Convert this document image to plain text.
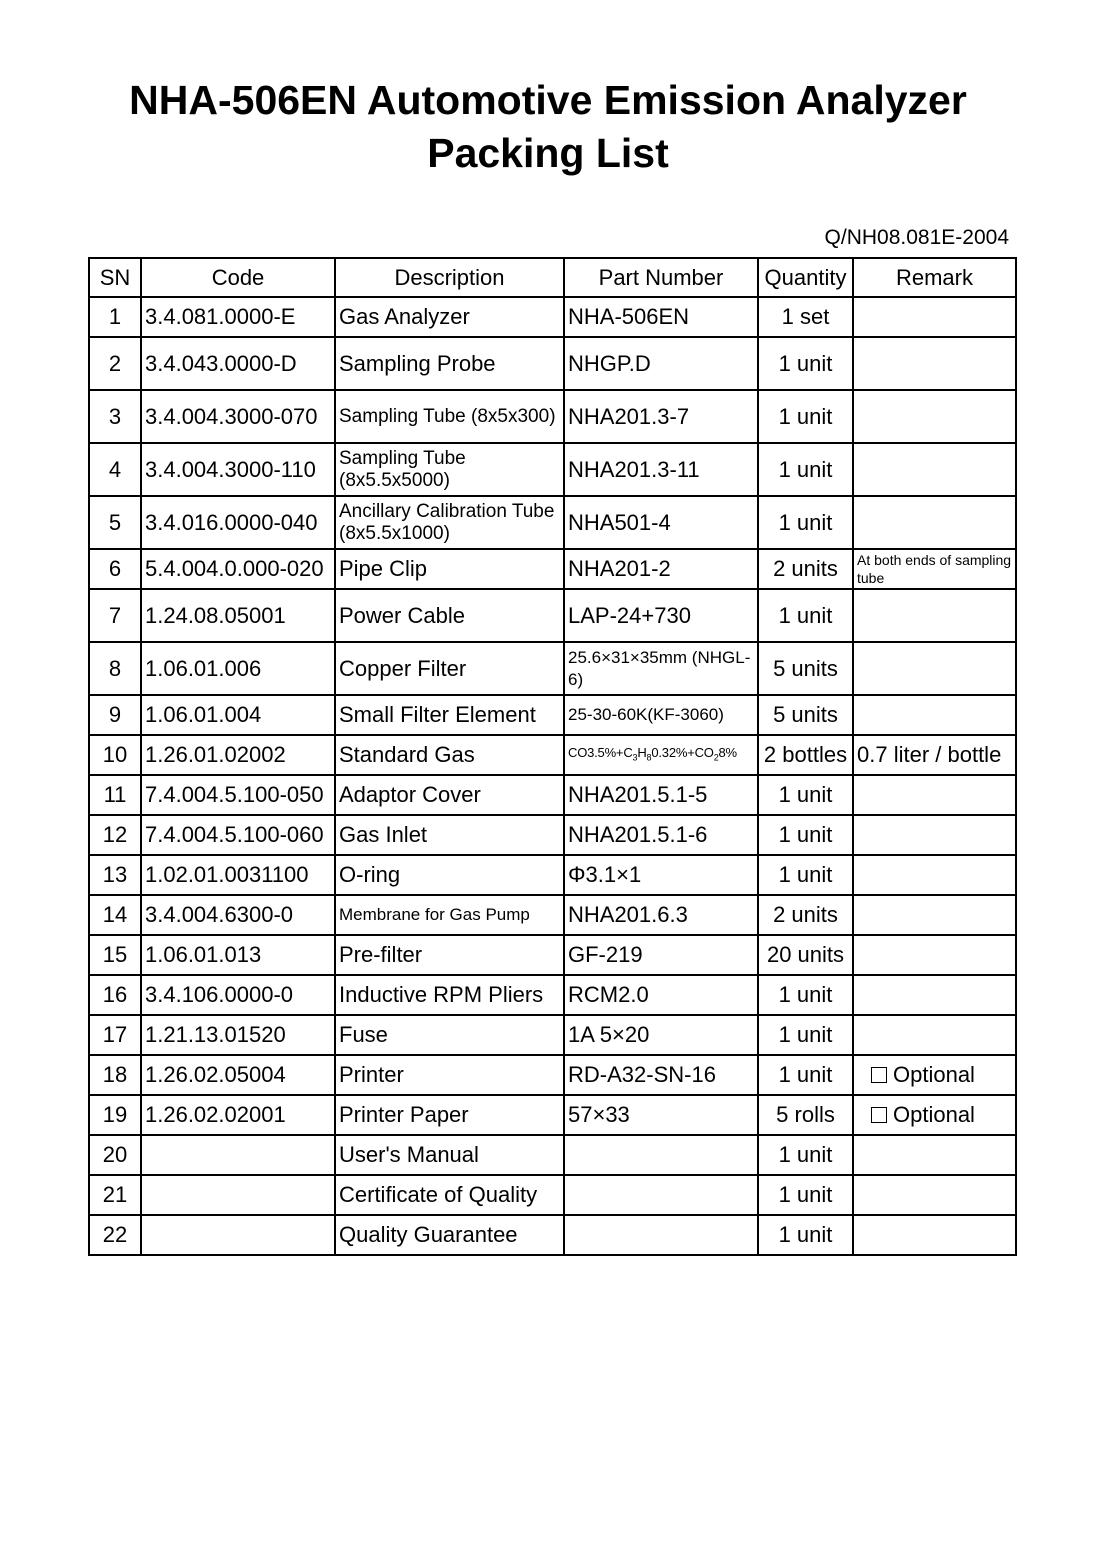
NHA-506EN Automotive Emission Analyzer
Packing List
Q/NH08.081E-2004
SN	Code	Description	Part Number	Quantity	Remark
1	3.4.081.0000-E	Gas Analyzer	NHA-506EN	1 set	
2	3.4.043.0000-D	Sampling Probe	NHGP.D	1 unit	
3	3.4.004.3000-070	Sampling Tube (8x5x300)	NHA201.3-7	1 unit	
4	3.4.004.3000-110	Sampling Tube (8x5.5x5000)	NHA201.3-11	1 unit	
5	3.4.016.0000-040	Ancillary Calibration Tube (8x5.5x1000)	NHA501-4	1 unit	
6	5.4.004.0.000-020	Pipe Clip	NHA201-2	2 units	At both ends of sampling tube
7	1.24.08.05001	Power Cable	LAP-24+730	1 unit	
8	1.06.01.006	Copper Filter	25.6×31×35mm (NHGL-6)	5 units	
9	1.06.01.004	Small Filter Element	25-30-60K(KF-3060)	5 units	
10	1.26.01.02002	Standard Gas	$CO3.5\%+C_3H_80.32\%+CO_28\%$	2 bottles	0.7 liter / bottle
11	7.4.004.5.100-050	Adaptor Cover	NHA201.5.1-5	1 unit	
12	7.4.004.5.100-060	Gas Inlet	NHA201.5.1-6	1 unit	
13	1.02.01.0031100	O-ring	Φ3.1×1	1 unit	
14	3.4.004.6300-0	Membrane for Gas Pump	NHA201.6.3	2 units	
15	1.06.01.013	Pre-filter	GF-219	20 units	
16	3.4.106.0000-0	Inductive RPM Pliers	RCM2.0	1 unit	
17	1.21.13.01520	Fuse	1A 5×20	1 unit	
18	1.26.02.05004	Printer	RD-A32-SN-16	1 unit	Optional
19	1.26.02.02001	Printer Paper	57×33	5 rolls	Optional
20		User's Manual		1 unit	
21		Certificate of Quality		1 unit	
22		Quality Guarantee		1 unit	
